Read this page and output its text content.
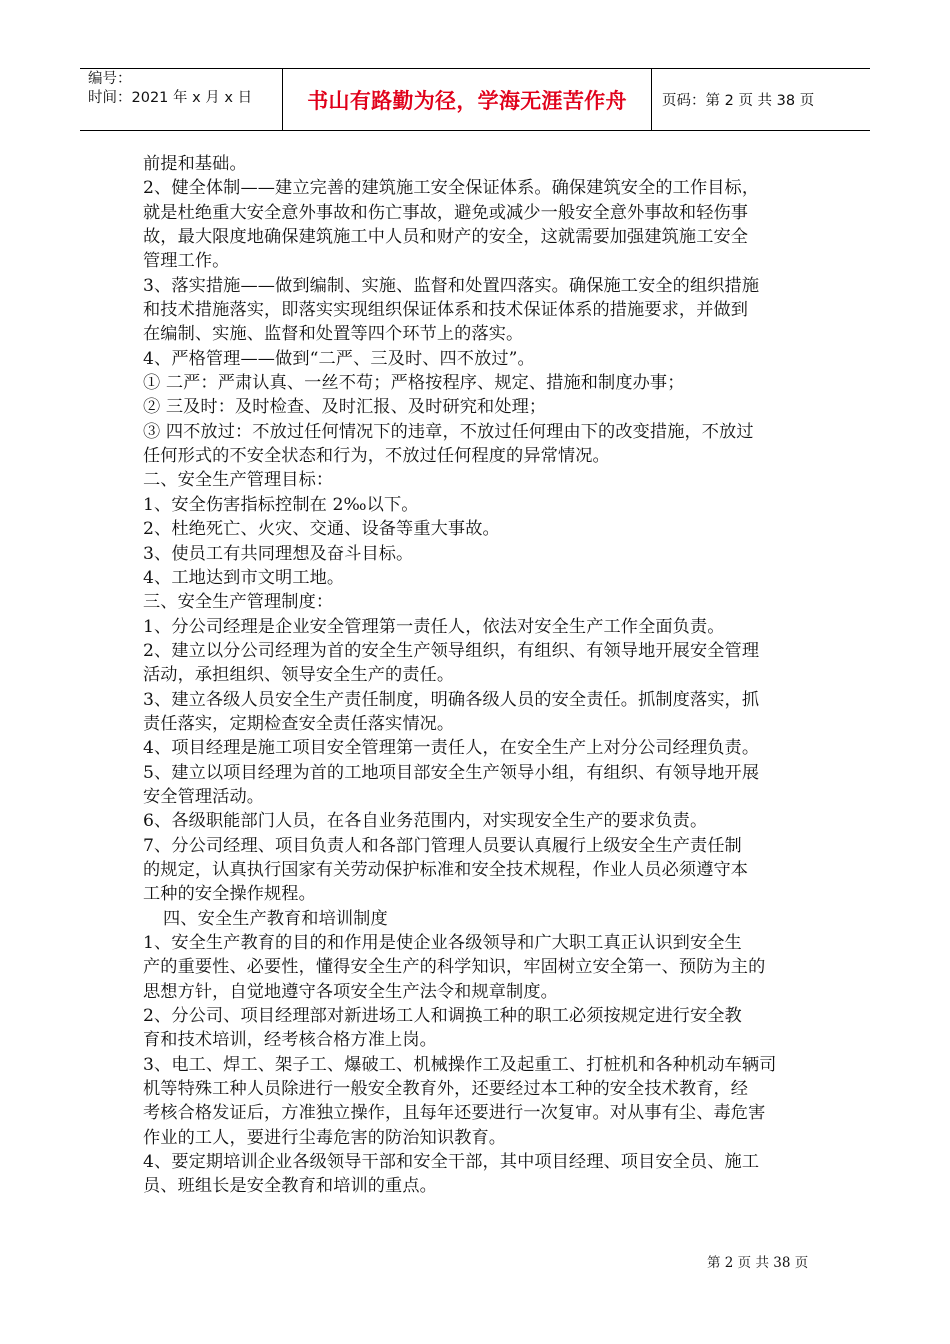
编号：
时间：2021 年 x 月 x 日	书山有路勤为径，学海无涯苦作舟 页码：第 2 页 共 38 页

前提和基础。

2、健全体制——建立完善的建筑施工安全保证体系。确保建筑安全的工作目标，

就是杜绝重大安全意外事故和伤亡事故，避免或减少一般安全意外事故和轻伤事

故，最大限度地确保建筑施工中人员和财产的安全，这就需要加强建筑施工安全

管理工作。

3、落实措施——做到编制、实施、监督和处置四落实。确保施工安全的组织措施

和技术措施落实，即落实实现组织保证体系和技术保证体系的措施要求，并做到

在编制、实施、监督和处置等四个环节上的落实。

4、严格管理——做到“二严、三及时、四不放过”。

① 二严：严肃认真、一丝不苟；严格按程序、规定、措施和制度办事；

② 三及时：及时检查、及时汇报、及时研究和处理；

③ 四不放过：不放过任何情况下的违章，不放过任何理由下的改变措施，不放过

任何形式的不安全状态和行为，不放过任何程度的异常情况。

二、安全生产管理目标：

1、安全伤害指标控制在 2‰以下。

2、杜绝死亡、火灾、交通、设备等重大事故。

3、使员工有共同理想及奋斗目标。

4、工地达到市文明工地。

三、安全生产管理制度：

1、分公司经理是企业安全管理第一责任人，依法对安全生产工作全面负责。

2、建立以分公司经理为首的安全生产领导组织，有组织、有领导地开展安全管理

活动，承担组织、领导安全生产的责任。

3、建立各级人员安全生产责任制度，明确各级人员的安全责任。抓制度落实，抓

责任落实，定期检查安全责任落实情况。

4、项目经理是施工项目安全管理第一责任人，在安全生产上对分公司经理负责。

5、建立以项目经理为首的工地项目部安全生产领导小组，有组织、有领导地开展

安全管理活动。

6、各级职能部门人员，在各自业务范围内，对实现安全生产的要求负责。

7、分公司经理、项目负责人和各部门管理人员要认真履行上级安全生产责任制

的规定，认真执行国家有关劳动保护标准和安全技术规程，作业人员必须遵守本

工种的安全操作规程。

四、安全生产教育和培训制度

1、安全生产教育的目的和作用是使企业各级领导和广大职工真正认识到安全生

产的重要性、必要性，懂得安全生产的科学知识，牢固树立安全第一、预防为主的

思想方针，自觉地遵守各项安全生产法令和规章制度。

2、分公司、项目经理部对新进场工人和调换工种的职工必须按规定进行安全教

育和技术培训，经考核合格方准上岗。

3、电工、焊工、架子工、爆破工、机械操作工及起重工、打桩机和各种机动车辆司

机等特殊工种人员除进行一般安全教育外，还要经过本工种的安全技术教育，经

考核合格发证后，方准独立操作，且每年还要进行一次复审。对从事有尘、毒危害

作业的工人，要进行尘毒危害的防治知识教育。

4、要定期培训企业各级领导干部和安全干部，其中项目经理、项目安全员、施工

员、班组长是安全教育和培训的重点。

第 2 页 共 38 页
